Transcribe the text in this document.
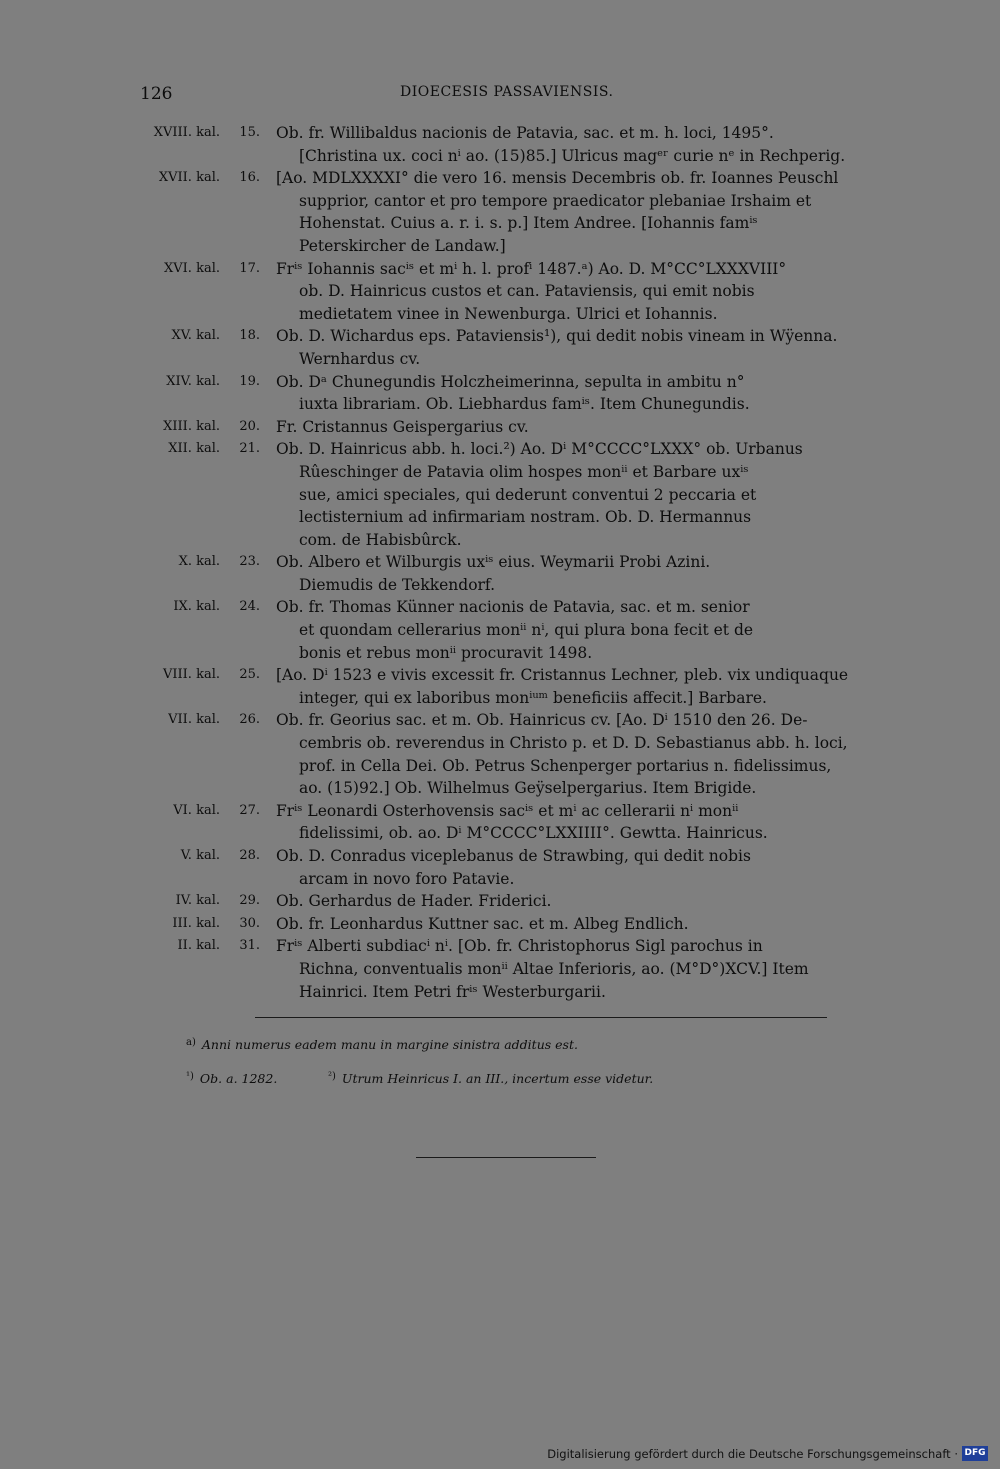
126	DIOECESIS PASSAVIENSIS.
XVIII. kal.	15. Ob. fr. Willibaldus nacionis de Patavia, sac. et m. h. loci, 1495°.
[Christina ux. coci nⁱ ao. (15)85.] Ulricus magᵉʳ curie nᵉ in Rechperig.
XVII. kal.	16. [Ao. MDLXXXXI° die vero 16. mensis Decembris ob. fr. Ioannes Peuschl
supprior, cantor et pro tempore praedicator plebaniae Irshaim et
Hohenstat. Cuius a. r. i. s. p.] Item Andree. [Iohannis famⁱˢ
Peterskircher de Landaw.]
XVI. kal.	17. Frⁱˢ Iohannis sacⁱˢ et mⁱ h. l. profⁱ 1487.ᵃ) Ao. D. M°CC°LXXXVIII°
ob. D. Hainricus custos et can. Pataviensis, qui emit nobis
medietatem vinee in Newenburga. Ulrici et Iohannis.
XV. kal.	18. Ob. D. Wichardus eps. Pataviensis¹), qui dedit nobis vineam in Wÿenna.
Wernhardus cv.
XIV. kal.	19. Ob. Dᵃ Chunegundis Holczheimerinna, sepulta in ambitu n°
iuxta librariam. Ob. Liebhardus famⁱˢ. Item Chunegundis.
XIII. kal.	20. Fr. Cristannus Geispergarius cv.
XII. kal.	21. Ob. D. Hainricus abb. h. loci.²) Ao. Dⁱ M°CCCC°LXXX° ob. Urbanus
Rûeschinger de Patavia olim hospes monⁱⁱ et Barbare uxⁱˢ
sue, amici speciales, qui dederunt conventui 2 peccaria et
lectisternium ad infirmariam nostram. Ob. D. Hermannus
com. de Habisbûrck.
X. kal.	23. Ob. Albero et Wilburgis uxⁱˢ eius. Weymarii Probi Azini.
Diemudis de Tekkendorf.
IX. kal.	24. Ob. fr. Thomas Künner nacionis de Patavia, sac. et m. senior
et quondam cellerarius monⁱⁱ nⁱ, qui plura bona fecit et de
bonis et rebus monⁱⁱ procuravit 1498.
VIII. kal.	25. [Ao. Dⁱ 1523 e vivis excessit fr. Cristannus Lechner, pleb. vix undiquaque
integer, qui ex laboribus monⁱᵘᵐ beneficiis affecit.] Barbare.
VII. kal.	26. Ob. fr. Georius sac. et m. Ob. Hainricus cv. [Ao. Dⁱ 1510 den 26. De-
cembris ob. reverendus in Christo p. et D. D. Sebastianus abb. h. loci,
prof. in Cella Dei. Ob. Petrus Schenperger portarius n. fidelissimus,
ao. (15)92.] Ob. Wilhelmus Geÿselpergarius. Item Brigide.
VI. kal.	27. Frⁱˢ Leonardi Osterhovensis sacⁱˢ et mⁱ ac cellerarii nⁱ monⁱⁱ
fidelissimi, ob. ao. Dⁱ M°CCCC°LXXIIII°. Gewtta. Hainricus.
V. kal.	28. Ob. D. Conradus viceplebanus de Strawbing, qui dedit nobis
arcam in novo foro Patavie.
IV. kal.	29. Ob. Gerhardus de Hader. Friderici.
III. kal.	30. Ob. fr. Leonhardus Kuttner sac. et m. Albeg Endlich.
II. kal.	31. Frⁱˢ Alberti subdiacⁱ nⁱ. [Ob. fr. Christophorus Sigl parochus in
Richna, conventualis monⁱⁱ Altae Inferioris, ao. (M°D°)XCV.] Item
Hainrici. Item Petri frⁱˢ Westerburgarii.
$^{a)}$ Anni numerus eadem manu in margine sinistra additus est.
$^{^1)}$ Ob. a. 1282.	$^{^2)}$ Utrum Heinricus I. an III., incertum esse videtur.
Digitalisierung gefördert durch die Deutsche Forschungsgemeinschaft · DFG
